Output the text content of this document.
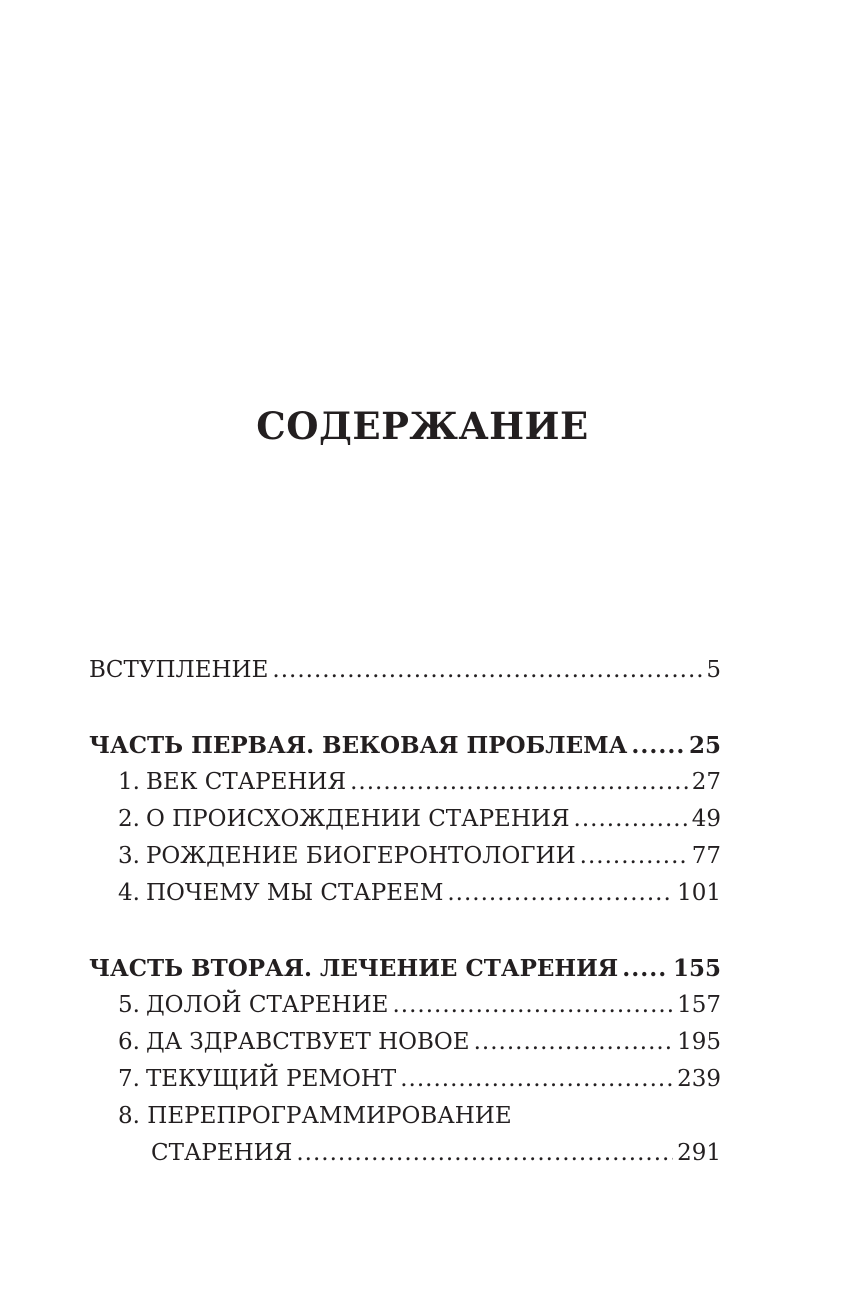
СОДЕРЖАНИЕ
ВСТУПЛЕНИЕ .....	5
ЧАСТЬ ПЕРВАЯ. ВЕКОВАЯ ПРОБЛЕМА .....	25
1. ВЕК СТАРЕНИЯ .....	27
2. О ПРОИСХОЖДЕНИИ СТАРЕНИЯ .....	49
3. РОЖДЕНИЕ БИОГЕРОНТОЛОГИИ .....	77
4. ПОЧЕМУ МЫ СТАРЕЕМ .....	101
ЧАСТЬ ВТОРАЯ. ЛЕЧЕНИЕ СТАРЕНИЯ ..... 155
5. ДОЛОЙ СТАРЕНИЕ .....	157
6. ДА ЗДРАВСТВУЕТ НОВОЕ .....	195
7. ТЕКУЩИЙ РЕМОНТ .....	239
8. ПЕРЕПРОГРАММИРОВАНИЕ
СТАРЕНИЯ .....	291
